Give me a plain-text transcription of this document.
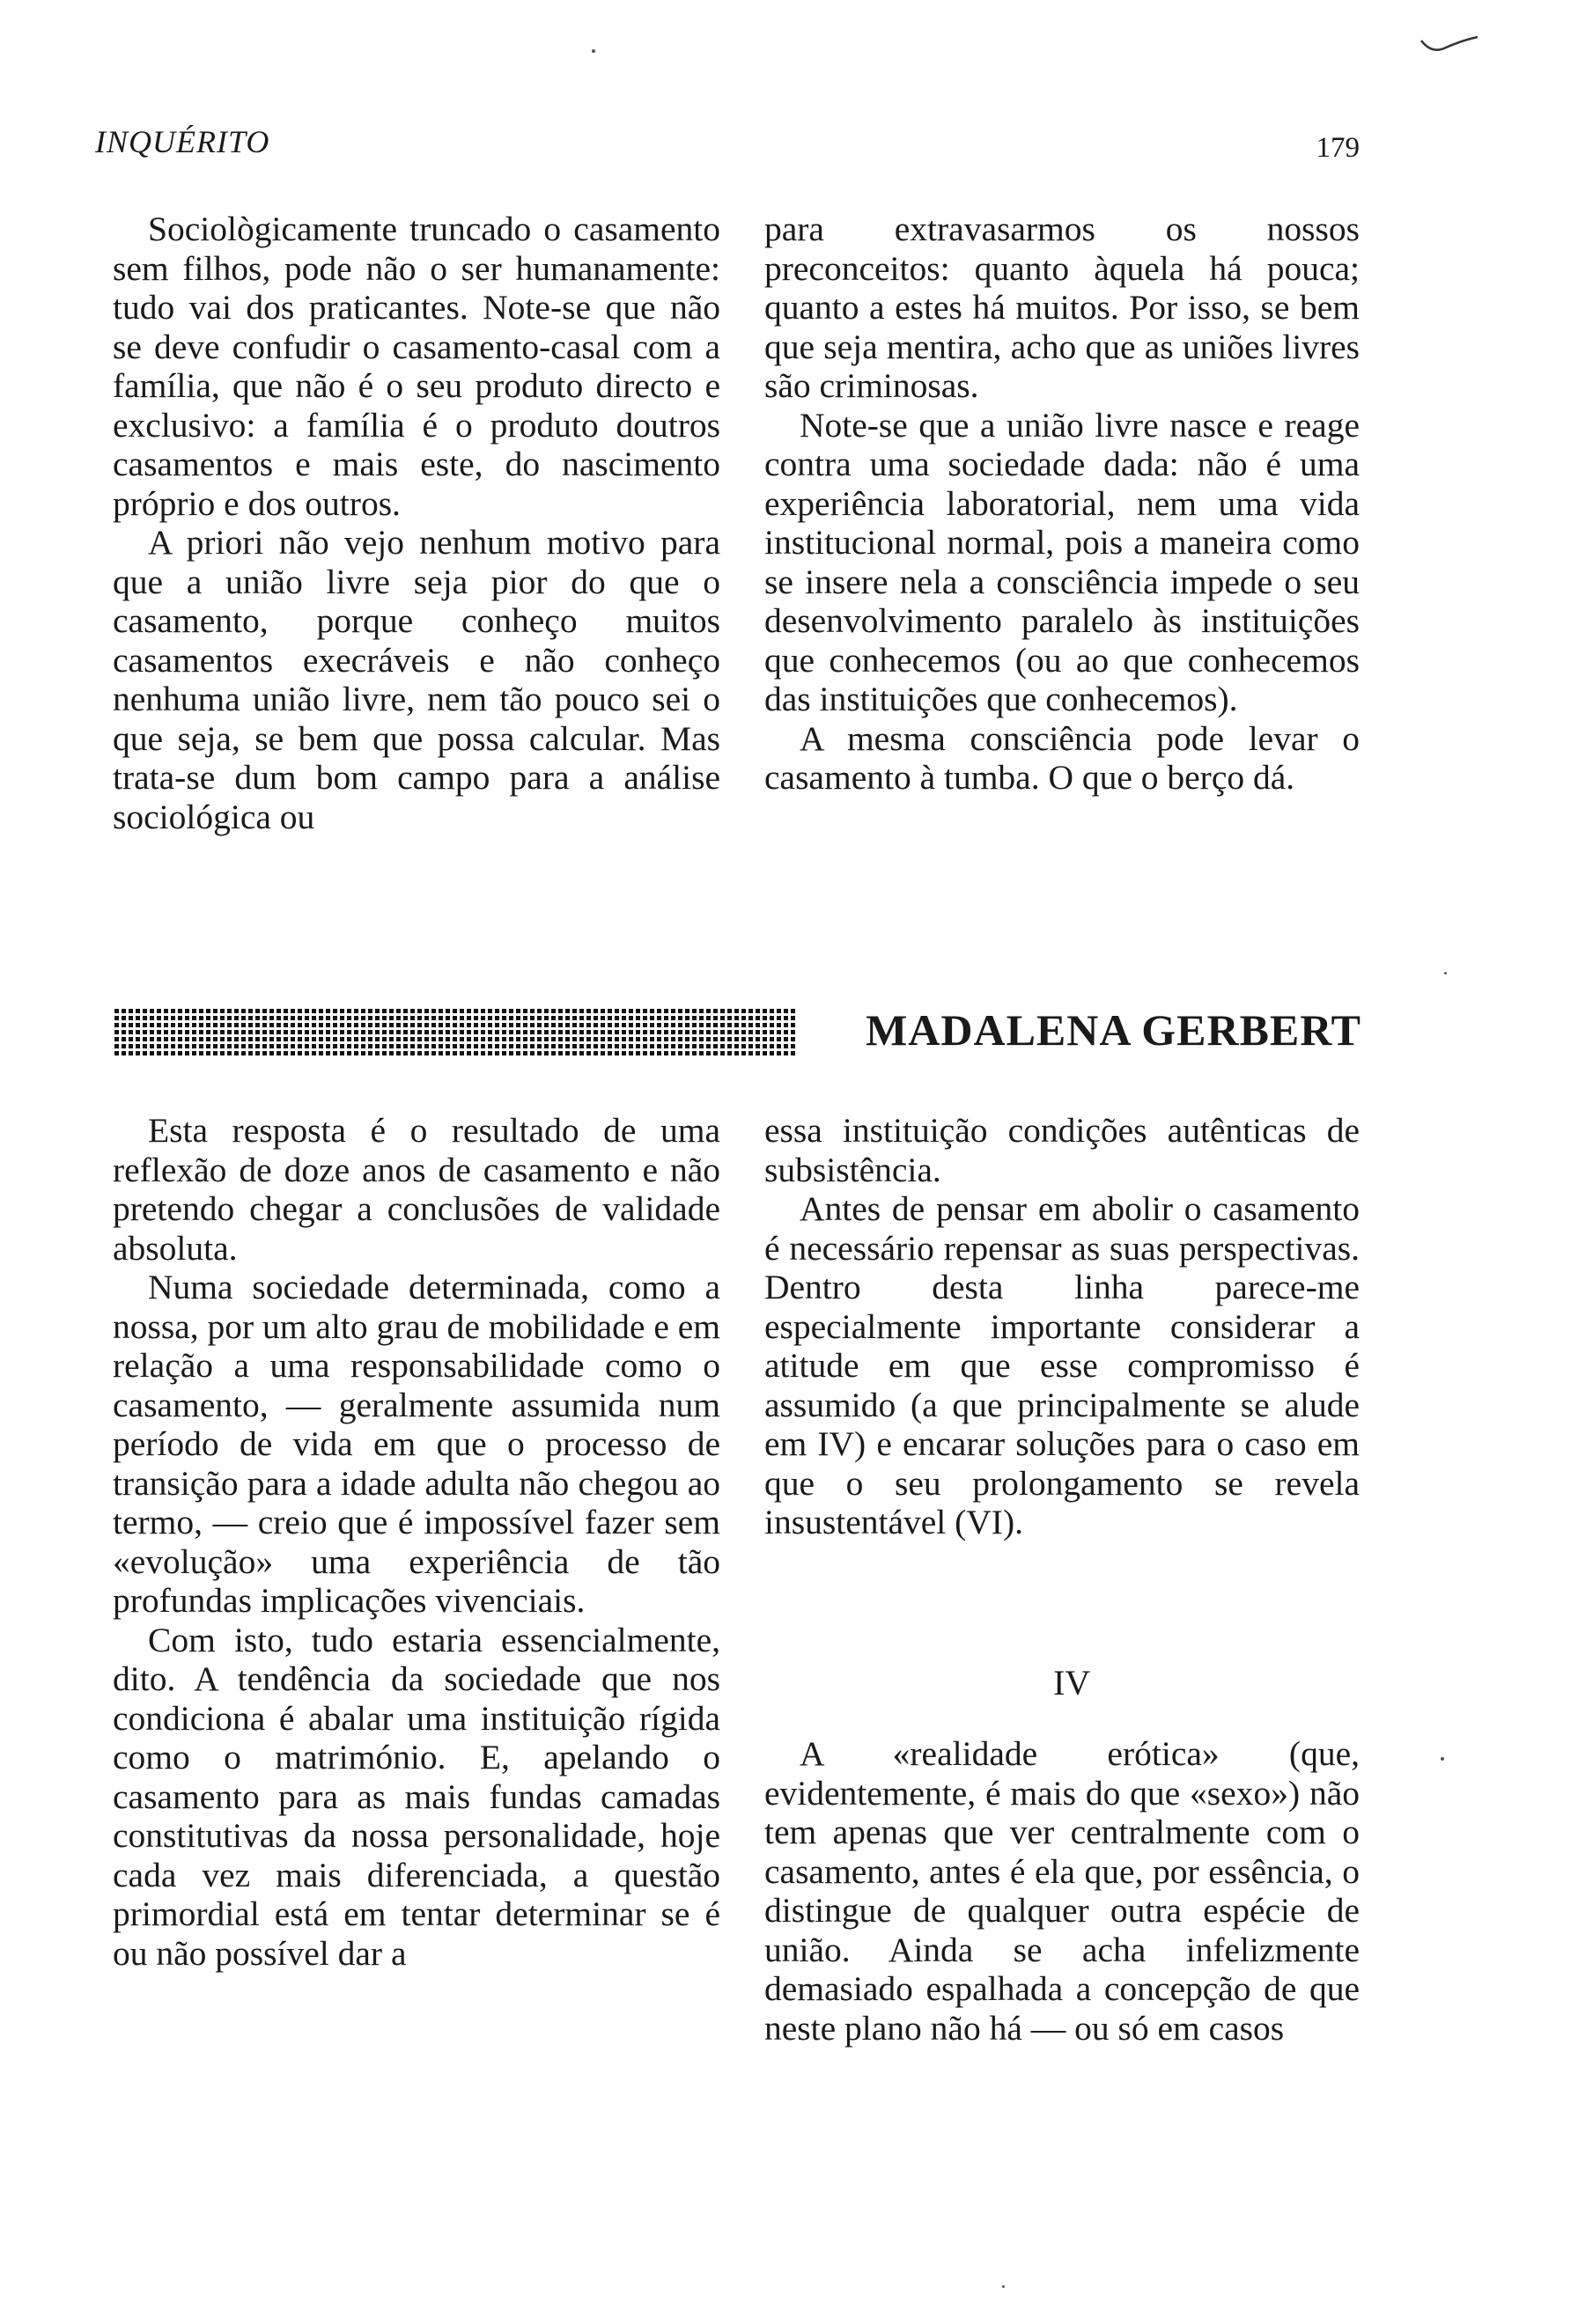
INQUÉRITO	179

Sociològicamente truncado o casamento sem filhos, pode não o ser humanamente: tudo vai dos praticantes. Note-se que não se deve confudir o casamento-casal com a família, que não é o seu produto directo e exclusivo: a família é o produto doutros casamentos e mais este, do nascimento próprio e dos outros.

A priori não vejo nenhum motivo para que a união livre seja pior do que o casamento, porque conheço muitos casamentos execráveis e não conheço nenhuma união livre, nem tão pouco sei o que seja, se bem que possa calcular. Mas trata-se dum bom campo para a análise sociológica ou

para extravasarmos os nossos preconceitos: quanto àquela há pouca; quanto a estes há muitos. Por isso, se bem que seja mentira, acho que as uniões livres são criminosas.

Note-se que a união livre nasce e reage contra uma sociedade dada: não é uma experiência laboratorial, nem uma vida institucional normal, pois a maneira como se insere nela a consciência impede o seu desenvolvimento paralelo às instituições que conhecemos (ou ao que conhecemos das instituições que conhecemos).

A mesma consciência pode levar o casamento à tumba. O que o berço dá.

MADALENA GERBERT

Esta resposta é o resultado de uma reflexão de doze anos de casamento e não pretendo chegar a conclusões de validade absoluta.

Numa sociedade determinada, como a nossa, por um alto grau de mobilidade e em relação a uma responsabilidade como o casamento, — geralmente assumida num período de vida em que o processo de transição para a idade adulta não chegou ao termo, — creio que é impossível fazer sem «evolução» uma experiência de tão profundas implicações vivenciais.

Com isto, tudo estaria essencialmente, dito. A tendência da sociedade que nos condiciona é abalar uma instituição rígida como o matrimónio. E, apelando o casamento para as mais fundas camadas constitutivas da nossa personalidade, hoje cada vez mais diferenciada, a questão primordial está em tentar determinar se é ou não possível dar a

essa instituição condições autênticas de subsistência.

Antes de pensar em abolir o casamento é necessário repensar as suas perspectivas. Dentro desta linha parece-me especialmente importante considerar a atitude em que esse compromisso é assumido (a que principalmente se alude em IV) e encarar soluções para o caso em que o seu prolongamento se revela insustentável (VI).

IV

A «realidade erótica» (que, evidentemente, é mais do que «sexo») não tem apenas que ver centralmente com o casamento, antes é ela que, por essência, o distingue de qualquer outra espécie de união. Ainda se acha infelizmente demasiado espalhada a concepção de que neste plano não há — ou só em casos
